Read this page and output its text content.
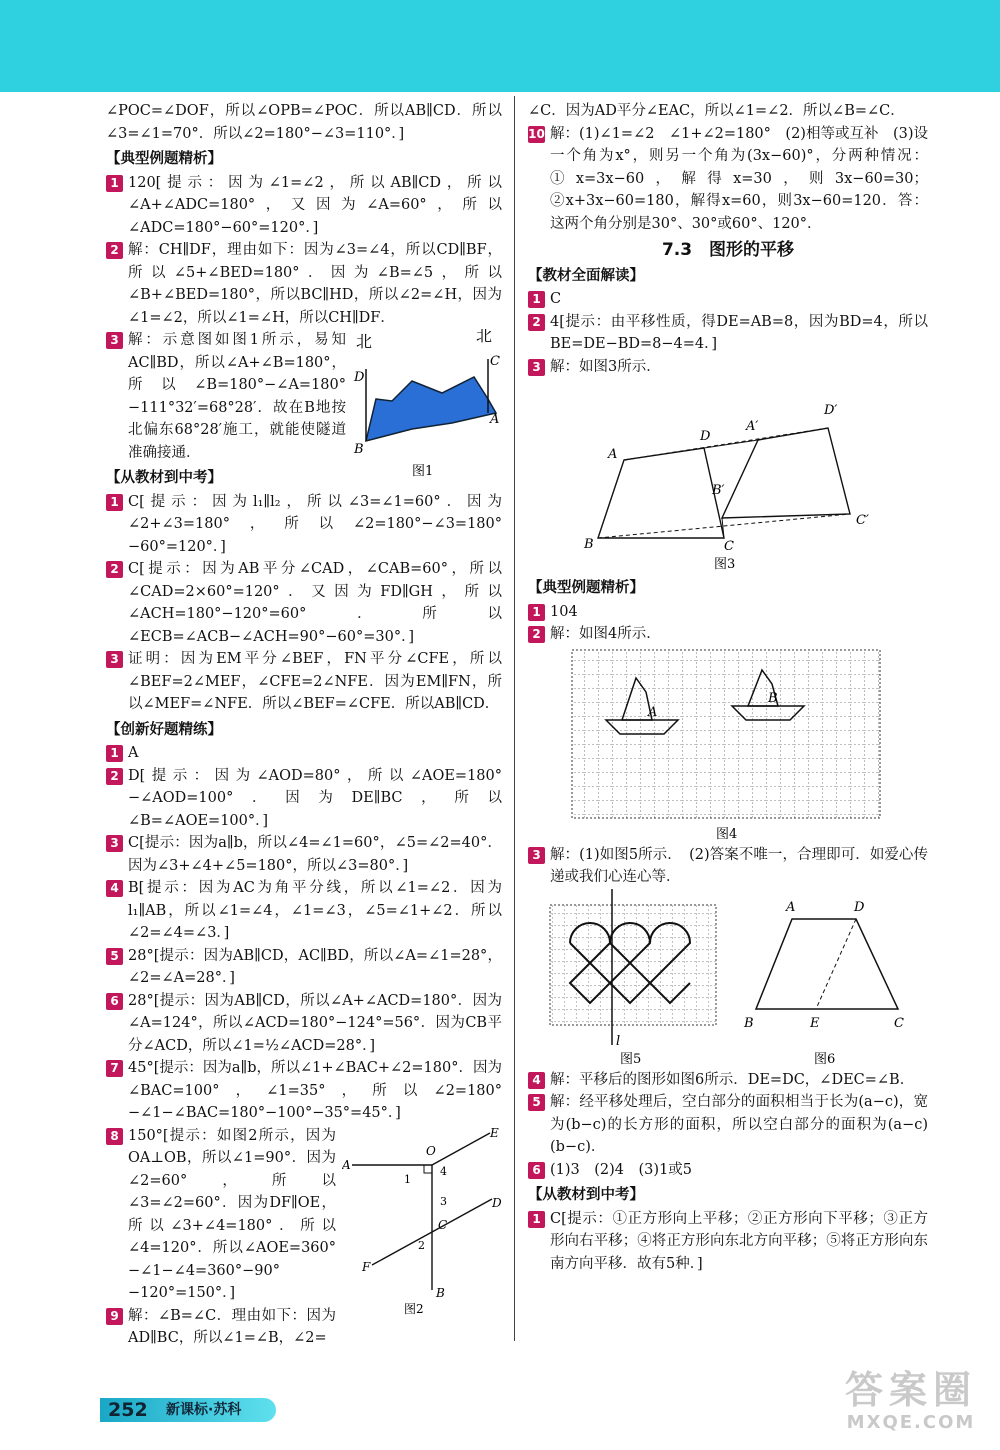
∠POC=∠DOF，所以∠OPB=∠POC．所以AB∥CD．所以∠3=∠1=70°．所以∠2=180°−∠3=110°．]

【典型例题精析】
1 120[提示：因为∠1=∠2，所以AB∥CD，所以∠A+∠ADC=180°，又因为∠A=60°，所以∠ADC=180°−60°=120°．]

2 解：CH∥DF，理由如下：因为∠3=∠4，所以CD∥BF，所以∠5+∠BED=180°．因为∠B=∠5，所以∠B+∠BED=180°，所以BC∥HD，所以∠2=∠H，因为∠1=∠2，所以∠1=∠H，所以CH∥DF．

3	北	北
D
B
C
A
图1

解：示意图如图1所示，易知AC∥BD，所以∠A+∠B=180°，所以∠B=180°−∠A=180°−111°32′=68°28′．故在B地按北偏东68°28′施工，就能使隧道准确接通．

【从教材到中考】
1 C[提示：因为l₁∥l₂，所以∠3=∠1=60°．因为∠2+∠3=180°，所以∠2=180°−∠3=180°−60°=120°．]

2 C[提示：因为AB平分∠CAD，∠CAB=60°，所以∠CAD=2×60°=120°．又因为FD∥GH，所以∠ACH=180°−120°=60°．所以∠ECB=∠ACB−∠ACH=90°−60°=30°．]

3 证明：因为EM平分∠BEF，FN平分∠CFE，所以∠BEF=2∠MEF，∠CFE=2∠NFE．因为EM∥FN，所以∠MEF=∠NFE．所以∠BEF=∠CFE．所以AB∥CD．

【创新好题精练】
1 A

2 D[提示：因为∠AOD=80°，所以∠AOE=180°−∠AOD=100°．因为DE∥BC，所以∠B=∠AOE=100°．]

3 C[提示：因为a∥b，所以∠4=∠1=60°，∠5=∠2=40°．因为∠3+∠4+∠5=180°，所以∠3=80°．]

4 B[提示：因为AC为角平分线，所以∠1=∠2．因为l₁∥AB，所以∠1=∠4，∠1=∠3，∠5=∠1+∠2．所以∠2=∠4=∠3．]

5 28°[提示：因为AB∥CD，AC∥BD，所以∠A=∠1=28°，∠2=∠A=28°．]

6 28°[提示：因为AB∥CD，所以∠A+∠ACD=180°．因为∠A=124°，所以∠ACD=180°−124°=56°．因为CB平分∠ACD，所以∠1=½∠ACD=28°．]

7 45°[提示：因为a∥b，所以∠1+∠BAC+∠2=180°．因为∠BAC=100°，∠1=35°，所以∠2=180°−∠1−∠BAC=180°−100°−35°=45°．]

8
A
O
E
4
1
3	D
C
2
F
B
图2

150°[提示：如图2所示，因为OA⊥OB，所以∠1=90°．因为∠2=60°，所以∠3=∠2=60°．因为DF∥OE，所以∠3+∠4=180°．所以∠4=120°．所以∠AOE=360°−∠1−∠4=360°−90°−120°=150°．]

9 解：∠B=∠C．理由如下：因为AD∥BC，所以∠1=∠B，∠2=

∠C．因为AD平分∠EAC，所以∠1=∠2．所以∠B=∠C．

10 解：(1)∠1=∠2　∠1+∠2=180°　(2)相等或互补　(3)设一个角为x°，则另一个角为(3x−60)°，分两种情况：①x=3x−60，解得x=30，则3x−60=30；②x+3x−60=180，解得x=60，则3x−60=120．答：这两个角分别是30°、30°或60°、120°．

7.3　图形的平移
【教材全面解读】
1 C

2 4[提示：由平移性质，得DE=AB=8，因为BD=4，所以BE=DE−BD=8−4=4．]

3 解：如图3所示．

A
D
A′
D′
B′
B	C
C′
图3
【典型例题精析】
1 104

2 解：如图4所示．

A
B
图4
3 解：(1)如图5所示．　(2)答案不唯一，合理即可．如爱心传递或我们心连心等．

l
图5
A	D
B	E	C
图6
4 解：平移后的图形如图6所示．DE=DC，∠DEC=∠B．

5 解：经平移处理后，空白部分的面积相当于长为(a−c)，宽为(b−c)的长方形的面积，所以空白部分的面积为(a−c)(b−c)．

6 (1)3　(2)4　(3)1或5

【从教材到中考】
1 C[提示：①正方形向上平移；②正方形向下平移；③正方形向右平移；④将正方形向东北方向平移；⑤将正方形向东南方向平移．故有5种．]

252 新课标·苏科	答案圈
MXQE.COM
